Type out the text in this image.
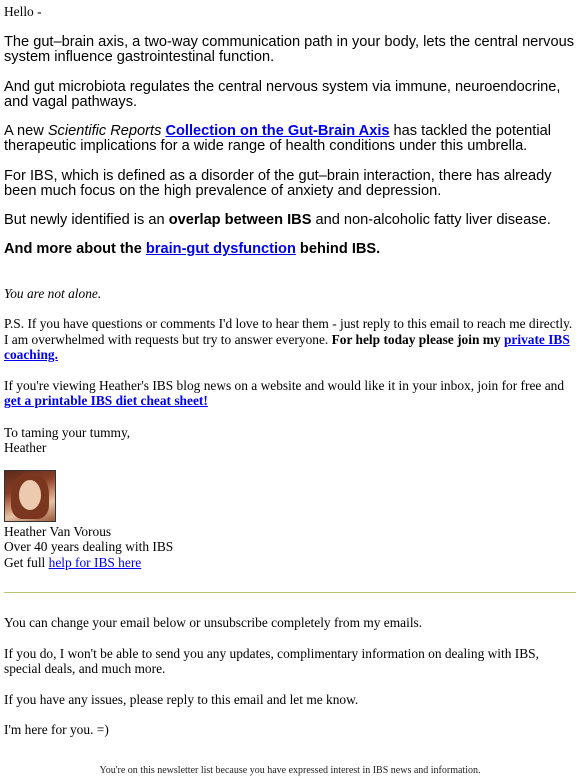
Hello -

The gut–brain axis, a two-way communication path in your body, lets the central nervous system influence gastrointestinal function.

And gut microbiota regulates the central nervous system via immune, neuroendocrine, and vagal pathways.

A new Scientific Reports Collection on the Gut-Brain Axis has tackled the potential therapeutic implications for a wide range of health conditions under this umbrella.

For IBS, which is defined as a disorder of the gut–brain interaction, there has already been much focus on the high prevalence of anxiety and depression.

But newly identified is an overlap between IBS and non-alcoholic fatty liver disease.

And more about the brain-gut dysfunction behind IBS.

You are not alone.

P.S. If you have questions or comments I'd love to hear them - just reply to this email to reach me directly. I am overwhelmed with requests but try to answer everyone. For help today please join my private IBS coaching.

If you're viewing Heather's IBS blog news on a website and would like it in your inbox, join for free and get a printable IBS diet cheat sheet!

To taming your tummy,

Heather

Heather Van Vorous

Over 40 years dealing with IBS

Get full help for IBS here

You can change your email below or unsubscribe completely from my emails.

If you do, I won't be able to send you any updates, complimentary information on dealing with IBS, special deals, and much more.

If you have any issues, please reply to this email and let me know.

I'm here for you. =)

You're on this newsletter list because you have expressed interest in IBS news and information.
